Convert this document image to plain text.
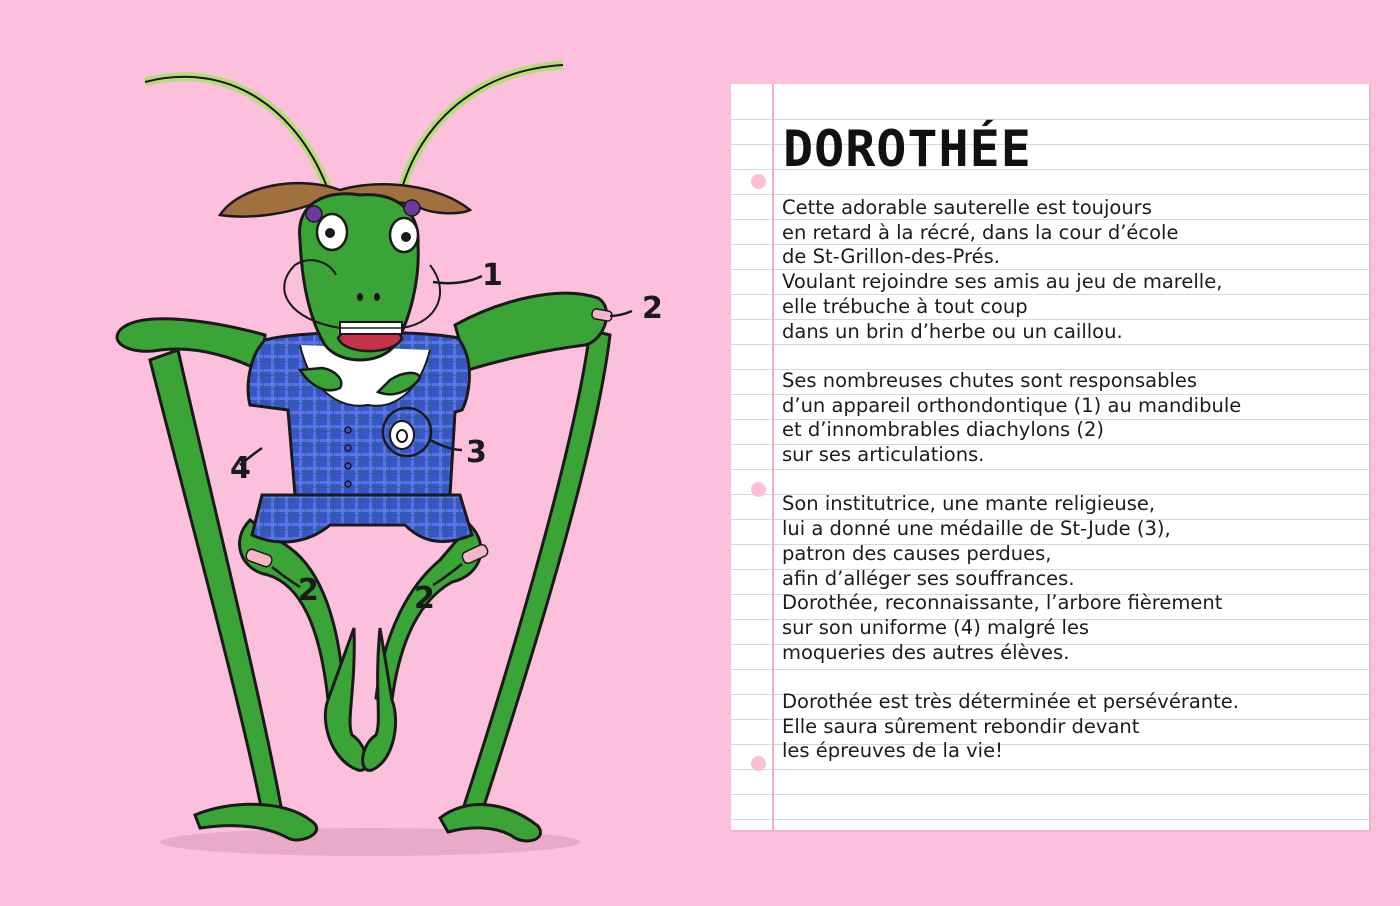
1
2
3
4
2	2
DOROTHÉE

Cette adorable sauterelle est toujours

en retard à la récré, dans la cour d’école

de St-Grillon-des-Prés.

Voulant rejoindre ses amis au jeu de marelle,

elle trébuche à tout coup

dans un brin d’herbe ou un caillou.

Ses nombreuses chutes sont responsables

d’un appareil orthondontique (1) au mandibule

et d’innombrables diachylons (2)

sur ses articulations.

Son institutrice, une mante religieuse,

lui a donné une médaille de St-Jude (3),

patron des causes perdues,

afin d’alléger ses souffrances.

Dorothée, reconnaissante, l’arbore fièrement

sur son uniforme (4) malgré les

moqueries des autres élèves.

Dorothée est très déterminée et persévérante.

Elle saura sûrement rebondir devant

les épreuves de la vie!
